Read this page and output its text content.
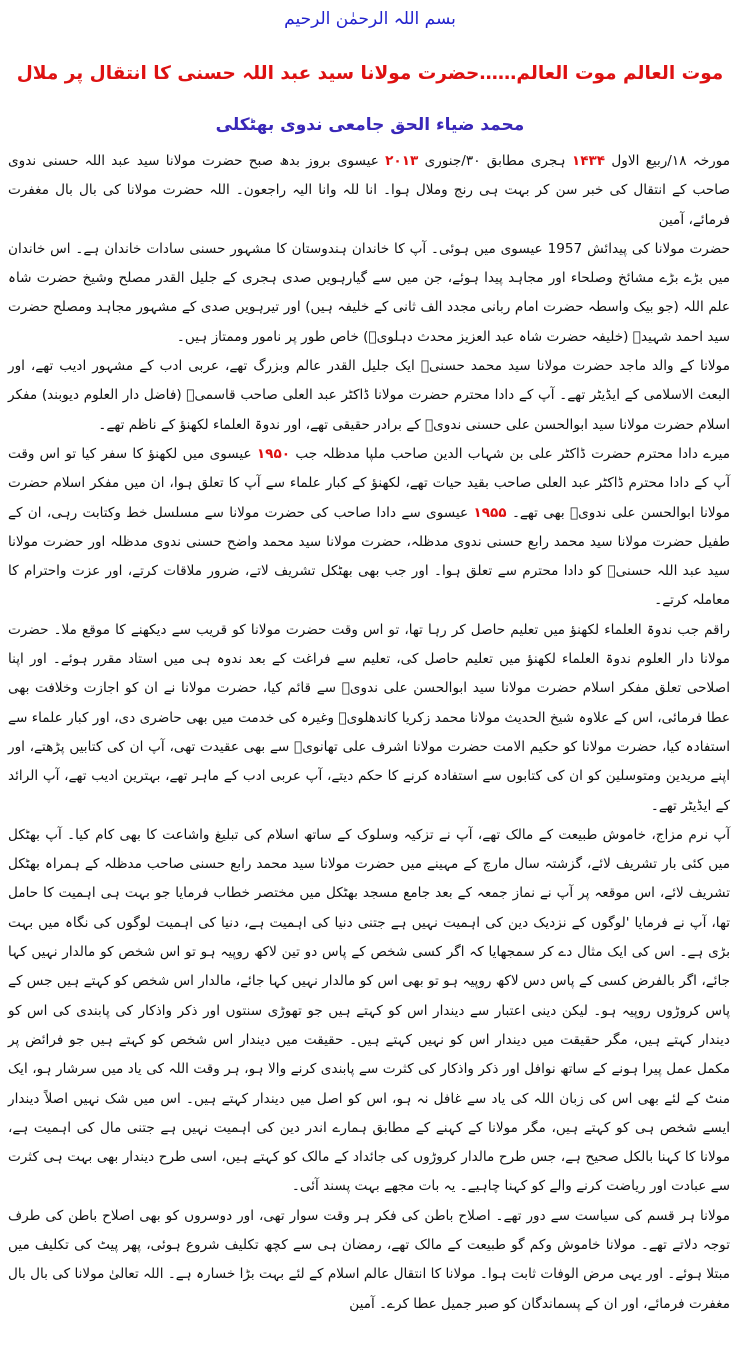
بسم اللہ الرحمٰن الرحیم
موت العالم موت العالم……حضرت مولانا سید عبد اللہ حسنی کا انتقال پر ملال
محمد ضیاء الحق جامعی ندوی بھٹکلی

مورخہ ۱۸/ربیع الاول ۱۴۳۴ ہجری مطابق ۳۰/جنوری ۲۰۱۳ عیسوی بروز بدھ صبح حضرت مولانا سید عبد اللہ حسنی ندوی صاحب کے انتقال کی خبر سن کر بہت ہی رنج وملال ہوا۔ انا للہ وانا الیہ راجعون۔ اللہ حضرت مولانا کی بال بال مغفرت فرمائے، آمین

حضرت مولانا کی پیدائش 1957 عیسوی میں ہوئی۔ آپ کا خاندان ہندوستان کا مشہور حسنی سادات خاندان ہے۔ اس خاندان میں بڑے بڑے مشائخ وصلحاء اور مجاہد پیدا ہوئے، جن میں سے گیارہویں صدی ہجری کے جلیل القدر مصلح وشیخ حضرت شاہ علم اللہ (جو بیک واسطہ حضرت امام ربانی مجدد الف ثانی کے خلیفہ ہیں) اور تیرہویں صدی کے مشہور مجاہد ومصلح حضرت سید احمد شہیدؒ (خلیفہ حضرت شاہ عبد العزیز محدث دہلویؒ) خاص طور پر نامور وممتاز ہیں۔

مولانا کے والد ماجد حضرت مولانا سید محمد حسنیؒ ایک جلیل القدر عالم وبزرگ تھے، عربی ادب کے مشہور ادیب تھے، اور البعث الاسلامی کے ایڈیٹر تھے۔ آپ کے دادا محترم حضرت مولانا ڈاکٹر عبد العلی صاحب قاسمیؒ (فاضل دار العلوم دیوبند) مفکر اسلام حضرت مولانا سید ابوالحسن علی حسنی ندویؒ کے برادر حقیقی تھے، اور ندوۃ العلماء لکھنؤ کے ناظم تھے۔

میرے دادا محترم حضرت ڈاکٹر علی بن شہاب الدین صاحب ملپا مدظلہ جب ۱۹۵۰ عیسوی میں لکھنؤ کا سفر کیا تو اس وقت آپ کے دادا محترم ڈاکٹر عبد العلی صاحب بقید حیات تھے، لکھنؤ کے کبار علماء سے آپ کا تعلق ہوا، ان میں مفکر اسلام حضرت مولانا ابوالحسن علی ندویؒ بھی تھے۔ ۱۹۵۵ عیسوی سے دادا صاحب کی حضرت مولانا سے مسلسل خط وکتابت رہی، ان کے طفیل حضرت مولانا سید محمد رابع حسنی ندوی مدظلہ، حضرت مولانا سید محمد واضح حسنی ندوی مدظلہ اور حضرت مولانا سید عبد اللہ حسنیؒ کو دادا محترم سے تعلق ہوا۔ اور جب بھی بھٹکل تشریف لاتے، ضرور ملاقات کرتے، اور عزت واحترام کا معاملہ کرتے۔

راقم جب ندوۃ العلماء لکھنؤ میں تعلیم حاصل کر رہا تھا، تو اس وقت حضرت مولانا کو قریب سے دیکھنے کا موقع ملا۔ حضرت مولانا دار العلوم ندوۃ العلماء لکھنؤ میں تعلیم حاصل کی، تعلیم سے فراغت کے بعد ندوہ ہی میں استاد مقرر ہوئے۔ اور اپنا اصلاحی تعلق مفکر اسلام حضرت مولانا سید ابوالحسن علی ندویؒ سے قائم کیا، حضرت مولانا نے ان کو اجازت وخلافت بھی عطا فرمائی، اس کے علاوہ شیخ الحدیث مولانا محمد زکریا کاندھلویؒ وغیرہ کی خدمت میں بھی حاضری دی، اور کبار علماء سے استفادہ کیا، حضرت مولانا کو حکیم الامت حضرت مولانا اشرف علی تھانویؒ سے بھی عقیدت تھی، آپ ان کی کتابیں پڑھتے، اور اپنے مریدین ومتوسلین کو ان کی کتابوں سے استفادہ کرنے کا حکم دیتے، آپ عربی ادب کے ماہر تھے، بہترین ادیب تھے، آپ الرائد کے ایڈیٹر تھے۔

آپ نرم مزاج، خاموش طبیعت کے مالک تھے، آپ نے تزکیہ وسلوک کے ساتھ اسلام کی تبلیغ واشاعت کا بھی کام کیا۔ آپ بھٹکل میں کئی بار تشریف لائے، گزشتہ سال مارچ کے مہینے میں حضرت مولانا سید محمد رابع حسنی صاحب مدظلہ کے ہمراہ بھٹکل تشریف لائے، اس موقعہ پر آپ نے نماز جمعہ کے بعد جامع مسجد بھٹکل میں مختصر خطاب فرمایا جو بہت ہی اہمیت کا حامل تھا، آپ نے فرمایا 'لوگوں کے نزدیک دین کی اہمیت نہیں ہے جتنی دنیا کی اہمیت ہے، دنیا کی اہمیت لوگوں کی نگاہ میں بہت بڑی ہے۔ اس کی ایک مثال دے کر سمجھایا کہ اگر کسی شخص کے پاس دو تین لاکھ روپیہ ہو تو اس شخص کو مالدار نہیں کہا جائے، اگر بالفرض کسی کے پاس دس لاکھ روپیہ ہو تو بھی اس کو مالدار نہیں کہا جائے، مالدار اس شخص کو کہتے ہیں جس کے پاس کروڑوں روپیہ ہو۔ لیکن دینی اعتبار سے دیندار اس کو کہتے ہیں جو تھوڑی سنتوں اور ذکر واذکار کی پابندی کی اس کو دیندار کہتے ہیں، مگر حقیقت میں دیندار اس کو نہیں کہتے ہیں۔ حقیقت میں دیندار اس شخص کو کہتے ہیں جو فرائض پر مکمل عمل پیرا ہونے کے ساتھ نوافل اور ذکر واذکار کی کثرت سے پابندی کرنے والا ہو، ہر وقت اللہ کی یاد میں سرشار ہو، ایک منٹ کے لئے بھی اس کی زبان اللہ کی یاد سے غافل نہ ہو، اس کو اصل میں دیندار کہتے ہیں۔ اس میں شک نہیں اصلاً دیندار ایسے شخص ہی کو کہتے ہیں، مگر مولانا کے کہنے کے مطابق ہمارے اندر دین کی اہمیت نہیں ہے جتنی مال کی اہمیت ہے، مولانا کا کہنا بالکل صحیح ہے، جس طرح مالدار کروڑوں کی جائداد کے مالک کو کہتے ہیں، اسی طرح دیندار بھی بہت ہی کثرت سے عبادت اور ریاضت کرنے والے کو کہنا چاہیے۔ یہ بات مجھے بہت پسند آئی۔

مولانا ہر قسم کی سیاست سے دور تھے۔ اصلاح باطن کی فکر ہر وقت سوار تھی، اور دوسروں کو بھی اصلاح باطن کی طرف توجہ دلاتے تھے۔ مولانا خاموش وکم گو طبیعت کے مالک تھے، رمضان ہی سے کچھ تکلیف شروع ہوئی، پھر پیٹ کی تکلیف میں مبتلا ہوئے۔ اور یہی مرض الوفات ثابت ہوا۔ مولانا کا انتقال عالم اسلام کے لئے بہت بڑا خسارہ ہے۔ اللہ تعالیٰ مولانا کی بال بال مغفرت فرمائے، اور ان کے پسماندگان کو صبر جمیل عطا کرے۔ آمین
